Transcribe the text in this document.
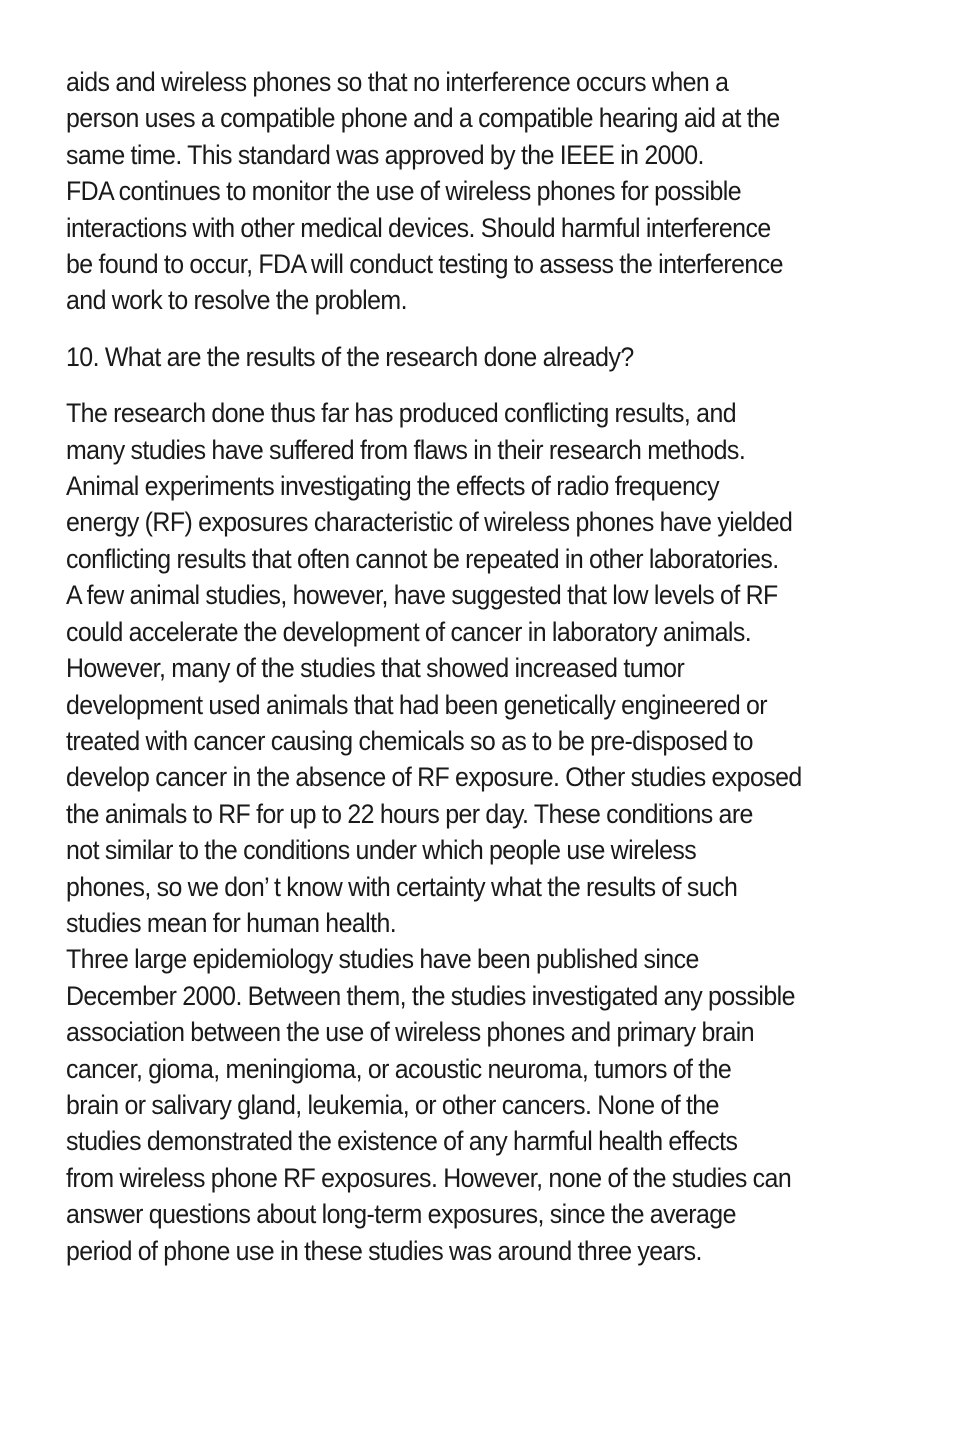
aids and wireless phones so that no interference occurs when a
person uses a compatible phone and a compatible hearing aid at the
same time. This standard was approved by the IEEE in 2000.
FDA continues to monitor the use of wireless phones for possible
interactions with other medical devices. Should harmful interference
be found to occur, FDA will conduct testing to assess the interference
and work to resolve the problem.
10. What are the results of the research done already?
The research done thus far has produced conflicting results, and
many studies have suffered from flaws in their research methods.
Animal experiments investigating the effects of radio frequency
energy (RF) exposures characteristic of wireless phones have yielded
conflicting results that often cannot be repeated in other laboratories.
A few animal studies, however, have suggested that low levels of RF
could accelerate the development of cancer in laboratory animals.
However, many of the studies that showed increased tumor
development used animals that had been genetically engineered or
treated with cancer causing chemicals so as to be pre-disposed to
develop cancer in the absence of RF exposure. Other studies exposed
the animals to RF for up to 22 hours per day. These conditions are
not similar to the conditions under which people use wireless
phones, so we don’ t know with certainty what the results of such
studies mean for human health.
Three large epidemiology studies have been published since
December 2000. Between them, the studies investigated any possible
association between the use of wireless phones and primary brain
cancer, gioma, meningioma, or acoustic neuroma, tumors of the
brain or salivary gland, leukemia, or other cancers. None of the
studies demonstrated the existence of any harmful health effects
from wireless phone RF exposures. However, none of the studies can
answer questions about long-term exposures, since the average
period of phone use in these studies was around three years.
